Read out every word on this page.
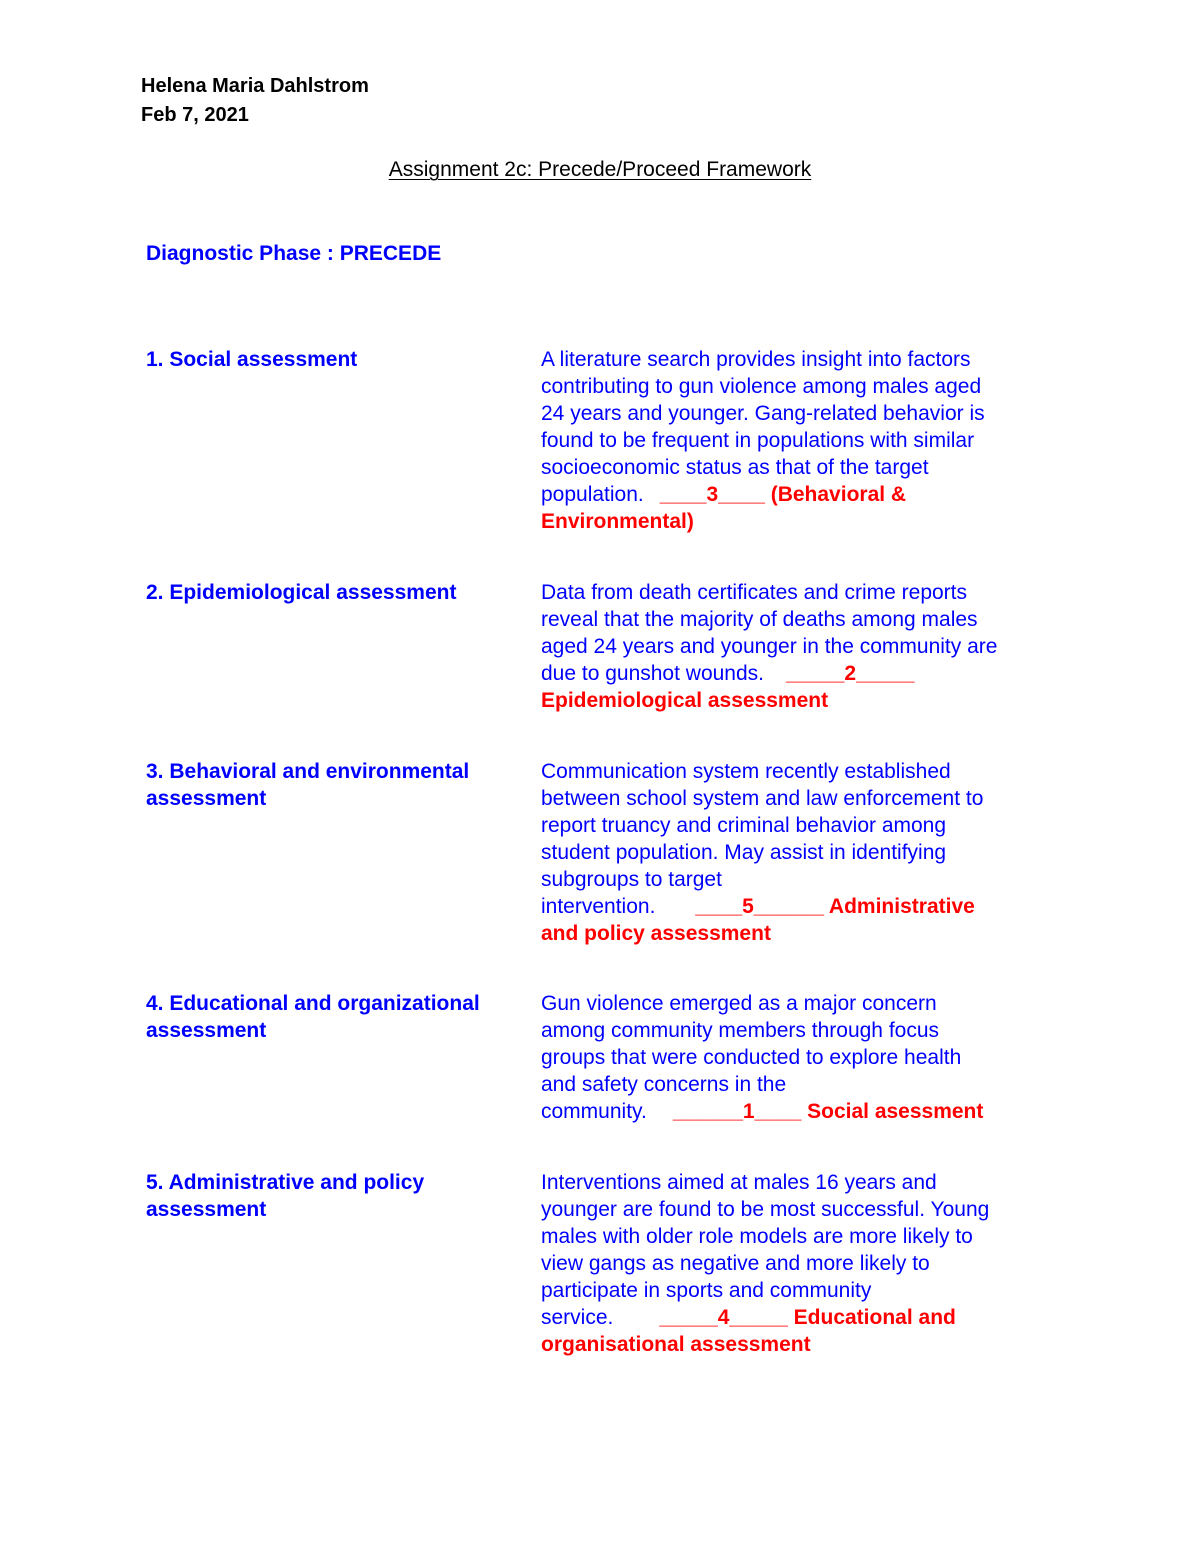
Helena Maria Dahlstrom
Feb 7, 2021
Assignment 2c: Precede/Proceed Framework
Diagnostic Phase : PRECEDE
1. Social assessment	A literature search provides insight into factors
contributing to gun violence among males aged
24 years and younger. Gang-related behavior is
found to be frequent in populations with similar
socioeconomic status as that of the target
population. ____3____ (Behavioral &
Environmental)
2. Epidemiological assessment	Data from death certificates and crime reports
reveal that the majority of deaths among males
aged 24 years and younger in the community are
due to gunshot wounds. _____2_____
Epidemiological assessment
3. Behavioral and environmental assessment
Communication system recently established
between school system and law enforcement to
report truancy and criminal behavior among
student population. May assist in identifying
subgroups to target
intervention. ____5______ Administrative
and policy assessment
4. Educational and organizational assessment
Gun violence emerged as a major concern
among community members through focus
groups that were conducted to explore health
and safety concerns in the
community. ______1____ Social asessment
5. Administrative and policy assessment
Interventions aimed at males 16 years and
younger are found to be most successful. Young
males with older role models are more likely to
view gangs as negative and more likely to
participate in sports and community
service. _____4_____ Educational and
organisational assessment
